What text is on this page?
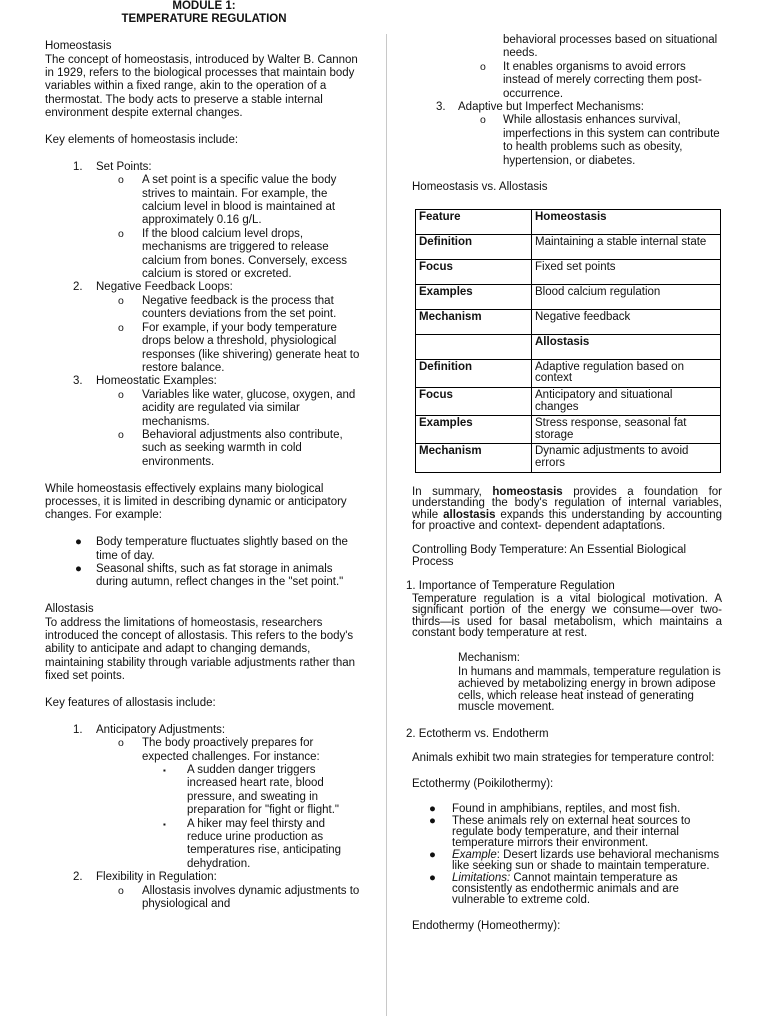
MODULE 1:

TEMPERATURE REGULATION

Homeostasis

The concept of homeostasis, introduced by Walter B. Cannon in 1929, refers to the biological processes that maintain body variables within a fixed range, akin to the operation of a thermostat. The body acts to preserve a stable internal environment despite external changes.

Key elements of homeostasis include:

1. Set Points:
o A set point is a specific value the body strives to maintain. For example, the calcium level in blood is maintained at approximately 0.16 g/L.
o If the blood calcium level drops, mechanisms are triggered to release calcium from bones. Conversely, excess calcium is stored or excreted.
2. Negative Feedback Loops:
o Negative feedback is the process that counters deviations from the set point.
o For example, if your body temperature drops below a threshold, physiological responses (like shivering) generate heat to restore balance.
3. Homeostatic Examples:
o Variables like water, glucose, oxygen, and acidity are regulated via similar mechanisms.
o Behavioral adjustments also contribute, such as seeking warmth in cold environments.

While homeostasis effectively explains many biological processes, it is limited in describing dynamic or anticipatory changes. For example:

● Body temperature fluctuates slightly based on the time of day.
● Seasonal shifts, such as fat storage in animals during autumn, reflect changes in the "set point."

Allostasis

To address the limitations of homeostasis, researchers introduced the concept of allostasis. This refers to the body's ability to anticipate and adapt to changing demands, maintaining stability through variable adjustments rather than fixed set points.

Key features of allostasis include:

1. Anticipatory Adjustments:
o The body proactively prepares for expected challenges. For instance:
▪ A sudden danger triggers increased heart rate, blood pressure, and sweating in preparation for "fight or flight."
▪ A hiker may feel thirsty and reduce urine production as temperatures rise, anticipating dehydration.
2. Flexibility in Regulation:
o Allostasis involves dynamic adjustments to physiological and

behavioral processes based on situational needs.

o It enables organisms to avoid errors instead of merely correcting them post-occurrence.

3. Adaptive but Imperfect Mechanisms:

o While allostasis enhances survival, imperfections in this system can contribute to health problems such as obesity, hypertension, or diabetes.

Homeostasis vs. Allostasis

Feature	Homeostasis
Definition	Maintaining a stable internal state
Focus	Fixed set points
Examples	Blood calcium regulation
Mechanism	Negative feedback
	Allostasis
Definition	Adaptive regulation based on context
Focus	Anticipatory and situational changes
Examples	Stress response, seasonal fat storage
Mechanism	Dynamic adjustments to avoid errors

In summary, homeostasis provides a foundation for understanding the body's regulation of internal variables, while allostasis expands this understanding by accounting for proactive and context- dependent adaptations.

Controlling Body Temperature: An Essential Biological Process

1. Importance of Temperature Regulation

Temperature regulation is a vital biological motivation. A significant portion of the energy we consume—over two-thirds—is used for basal metabolism, which maintains a constant body temperature at rest.

Mechanism:

In humans and mammals, temperature regulation is achieved by metabolizing energy in brown adipose cells, which release heat instead of generating muscle movement.

2. Ectotherm vs. Endotherm

Animals exhibit two main strategies for temperature control:

Ectothermy (Poikilothermy):

● Found in amphibians, reptiles, and most fish.
● These animals rely on external heat sources to regulate body temperature, and their internal temperature mirrors their environment.
● Example: Desert lizards use behavioral mechanisms like seeking sun or shade to maintain temperature.
● Limitations: Cannot maintain temperature as consistently as endothermic animals and are vulnerable to extreme cold.

Endothermy (Homeothermy):
